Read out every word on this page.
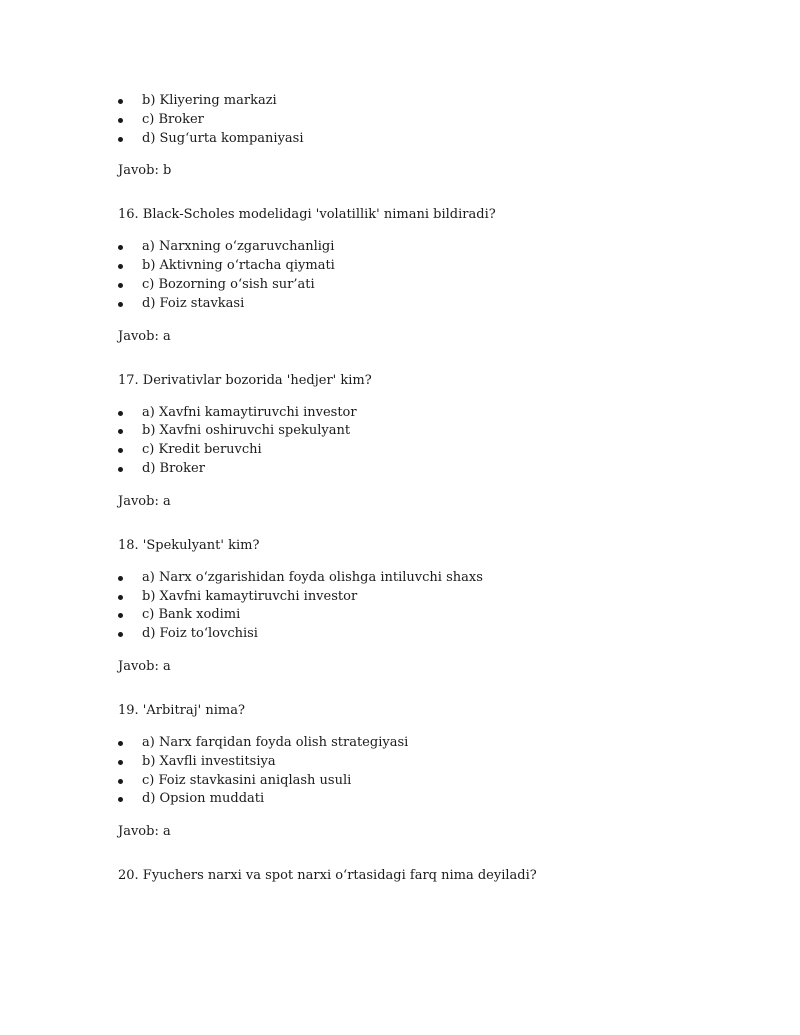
b) Kliyering markazi
c) Broker
d) Sug‘urta kompaniyasi
Javob: b
16. Black-Scholes modelidagi 'volatillik' nimani bildiradi?
a) Narxning o‘zgaruvchanligi
b) Aktivning o‘rtacha qiymati
c) Bozorning o‘sish sur’ati
d) Foiz stavkasi
Javob: a
17. Derivativlar bozorida 'hedjer' kim?
a) Xavfni kamaytiruvchi investor
b) Xavfni oshiruvchi spekulyant
c) Kredit beruvchi
d) Broker
Javob: a
18. 'Spekulyant' kim?
a) Narx o‘zgarishidan foyda olishga intiluvchi shaxs
b) Xavfni kamaytiruvchi investor
c) Bank xodimi
d) Foiz to‘lovchisi
Javob: a
19. 'Arbitraj' nima?
a) Narx farqidan foyda olish strategiyasi
b) Xavfli investitsiya
c) Foiz stavkasini aniqlash usuli
d) Opsion muddati
Javob: a
20. Fyuchers narxi va spot narxi o‘rtasidagi farq nima deyiladi?
